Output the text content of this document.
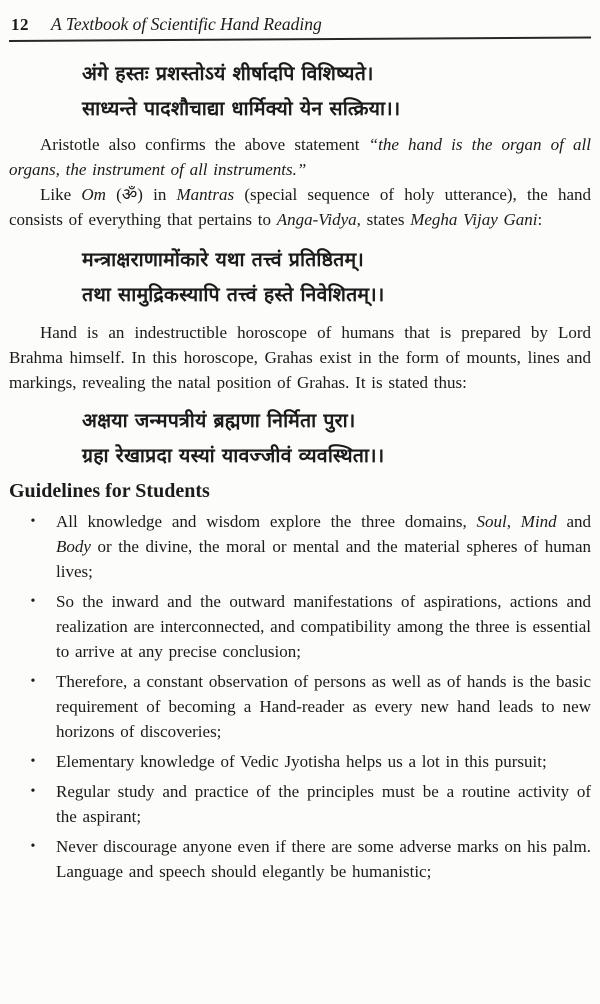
12 A Textbook of Scientific Hand Reading
अंगे हस्तः प्रशस्तोऽयं शीर्षादपि विशिष्यते।
साध्यन्ते पादशौचाद्या धार्मिक्यो येन सत्क्रिया।।

Aristotle also confirms the above statement “the hand is the organ of all organs, the instrument of all instruments.”

Like Om (ॐ) in Mantras (special sequence of holy utterance), the hand consists of everything that pertains to Anga-Vidya, states Megha Vijay Gani:

मन्त्राक्षराणामोंकारे यथा तत्त्वं प्रतिष्ठितम्।
तथा सामुद्रिकस्यापि तत्त्वं हस्ते निवेशितम्।।

Hand is an indestructible horoscope of humans that is prepared by Lord Brahma himself. In this horoscope, Grahas exist in the form of mounts, lines and markings, revealing the natal position of Grahas. It is stated thus:

अक्षया जन्मपत्रीयं ब्रह्मणा निर्मिता पुरा।
ग्रहा रेखाप्रदा यस्यां यावज्जीवं व्यवस्थिता।।
Guidelines for Students
•	All knowledge and wisdom explore the three domains, Soul, Mind and Body or the divine, the moral or mental and the material spheres of human lives;
•	So the inward and the outward manifestations of aspirations, actions and realization are interconnected, and compatibility among the three is essential to arrive at any precise conclusion;
•	Therefore, a constant observation of persons as well as of hands is the basic requirement of becoming a Hand-reader as every new hand leads to new horizons of discoveries;
•	Elementary knowledge of Vedic Jyotisha helps us a lot in this pursuit;
•	Regular study and practice of the principles must be a routine activity of the aspirant;
•	Never discourage anyone even if there are some adverse marks on his palm. Language and speech should elegantly be humanistic;
